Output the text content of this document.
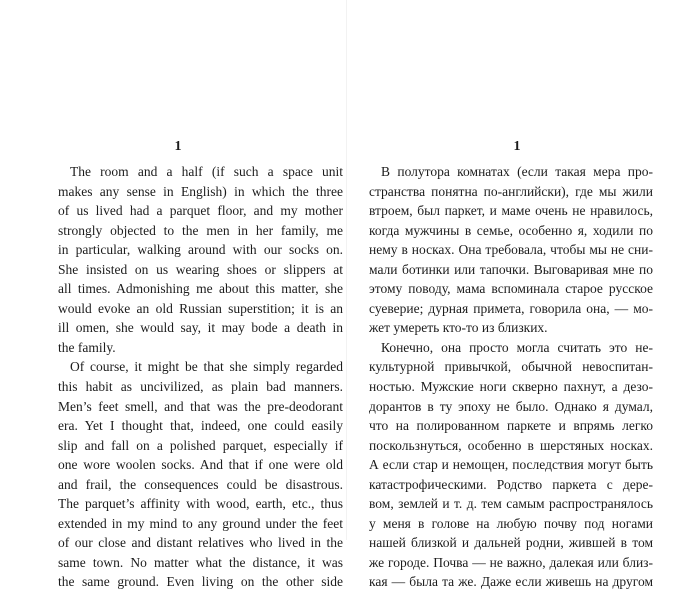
1
The room and a half (if such a space unit
makes any sense in English) in which the three
of us lived had a parquet floor, and my mother
strongly objected to the men in her family, me
in particular, walking around with our socks on.
She insisted on us wearing shoes or slippers at
all times. Admonishing me about this matter, she
would evoke an old Russian superstition; it is an
ill omen, she would say, it may bode a death in
the family.
Of course, it might be that she simply regarded
this habit as uncivilized, as plain bad manners.
Men’s feet smell, and that was the pre-deodorant
era. Yet I thought that, indeed, one could easily
slip and fall on a polished parquet, especially if
one wore woolen socks. And that if one were old
and frail, the consequences could be disastrous.
The parquet’s affinity with wood, earth, etc., thus
extended in my mind to any ground under the feet
of our close and distant relatives who lived in the
same town. No matter what the distance, it was
the same ground. Even living on the other side
1
В полутора комнатах (если такая мера про-
странства понятна по-английски), где мы жили
втроем, был паркет, и маме очень не нравилось,
когда мужчины в семье, особенно я, ходили по
нему в носках. Она требовала, чтобы мы не сни-
мали ботинки или тапочки. Выговаривая мне по
этому поводу, мама вспоминала старое русское
суеверие; дурная примета, говорила она, — мо-
жет умереть кто-то из близких.
Конечно, она просто могла считать это не-
культурной привычкой, обычной невоспитан-
ностью. Мужские ноги скверно пахнут, а дезо-
дорантов в ту эпоху не было. Однако я думал,
что на полированном паркете и впрямь легко
поскользнуться, особенно в шерстяных носках.
А если стар и немощен, последствия могут быть
катастрофическими. Родство паркета с дере-
вом, землей и т. д. тем самым распространялось
у меня в голове на любую почву под ногами
нашей близкой и дальней родни, жившей в том
же городе. Почва — не важно, далекая или близ-
кая — была та же. Даже если живешь на другом
